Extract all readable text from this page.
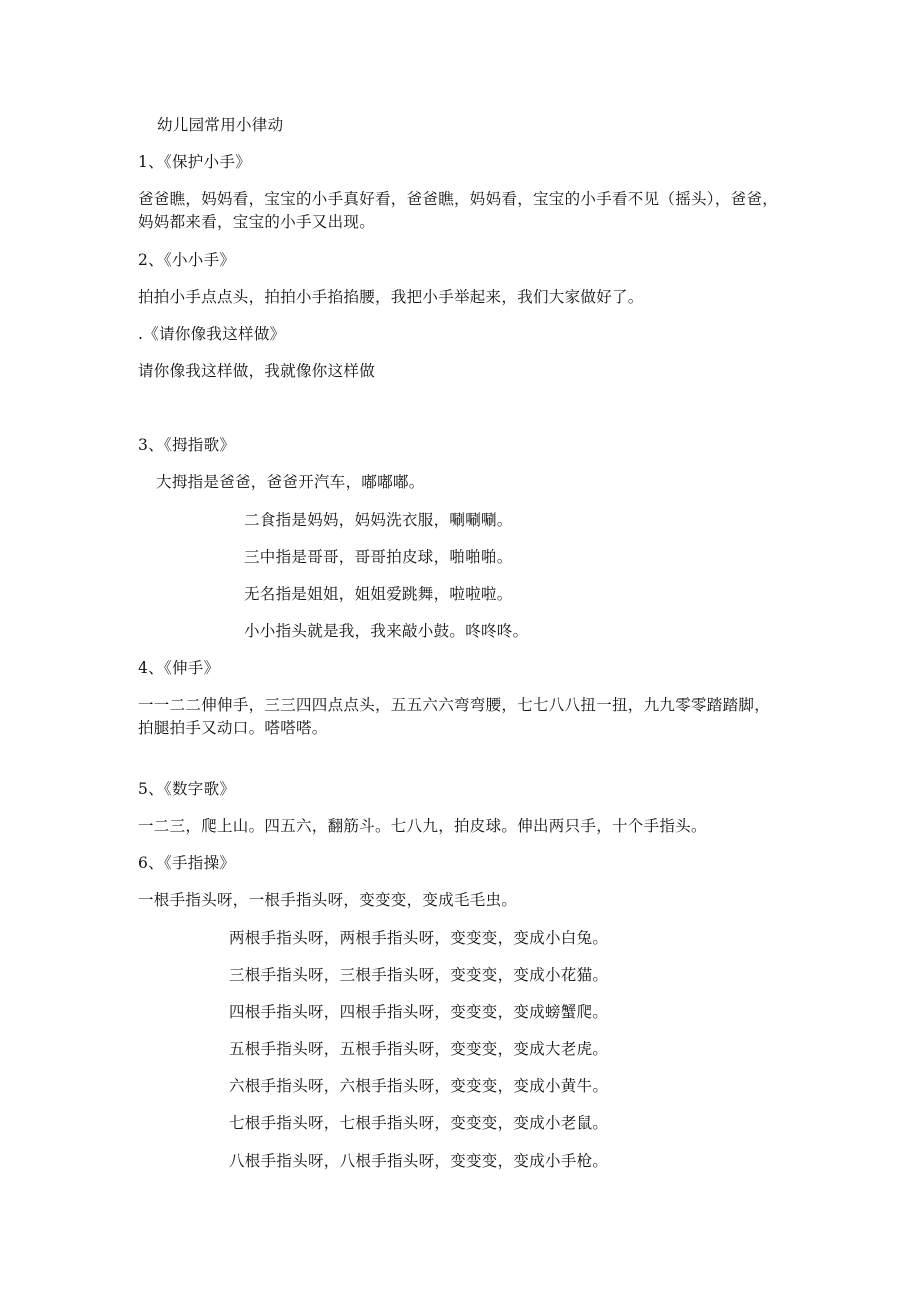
幼儿园常用小律动
1、《保护小手》
爸爸瞧，妈妈看，宝宝的小手真好看，爸爸瞧，妈妈看，宝宝的小手看不见（摇头），爸爸，
妈妈都来看，宝宝的小手又出现。
2、《小小手》
拍拍小手点点头，拍拍小手掐掐腰，我把小手举起来，我们大家做好了。
.《请你像我这样做》
请你像我这样做，我就像你这样做
3、《拇指歌》
大拇指是爸爸，爸爸开汽车，嘟嘟嘟。
二食指是妈妈，妈妈洗衣服，唰唰唰。
三中指是哥哥，哥哥拍皮球，啪啪啪。
无名指是姐姐，姐姐爱跳舞，啦啦啦。
小小指头就是我，我来敲小鼓。咚咚咚。
4、《伸手》
一一二二伸伸手，三三四四点点头，五五六六弯弯腰，七七八八扭一扭，九九零零踏踏脚，
拍腿拍手又动口。嗒嗒嗒。
5、《数字歌》
一二三，爬上山。四五六，翻筋斗。七八九，拍皮球。伸出两只手，十个手指头。
6、《手指操》
一根手指头呀，一根手指头呀，变变变，变成毛毛虫。
两根手指头呀，两根手指头呀，变变变，变成小白兔。
三根手指头呀，三根手指头呀，变变变，变成小花猫。
四根手指头呀，四根手指头呀，变变变，变成螃蟹爬。
五根手指头呀，五根手指头呀，变变变，变成大老虎。
六根手指头呀，六根手指头呀，变变变，变成小黄牛。
七根手指头呀，七根手指头呀，变变变，变成小老鼠。
八根手指头呀，八根手指头呀，变变变，变成小手枪。
